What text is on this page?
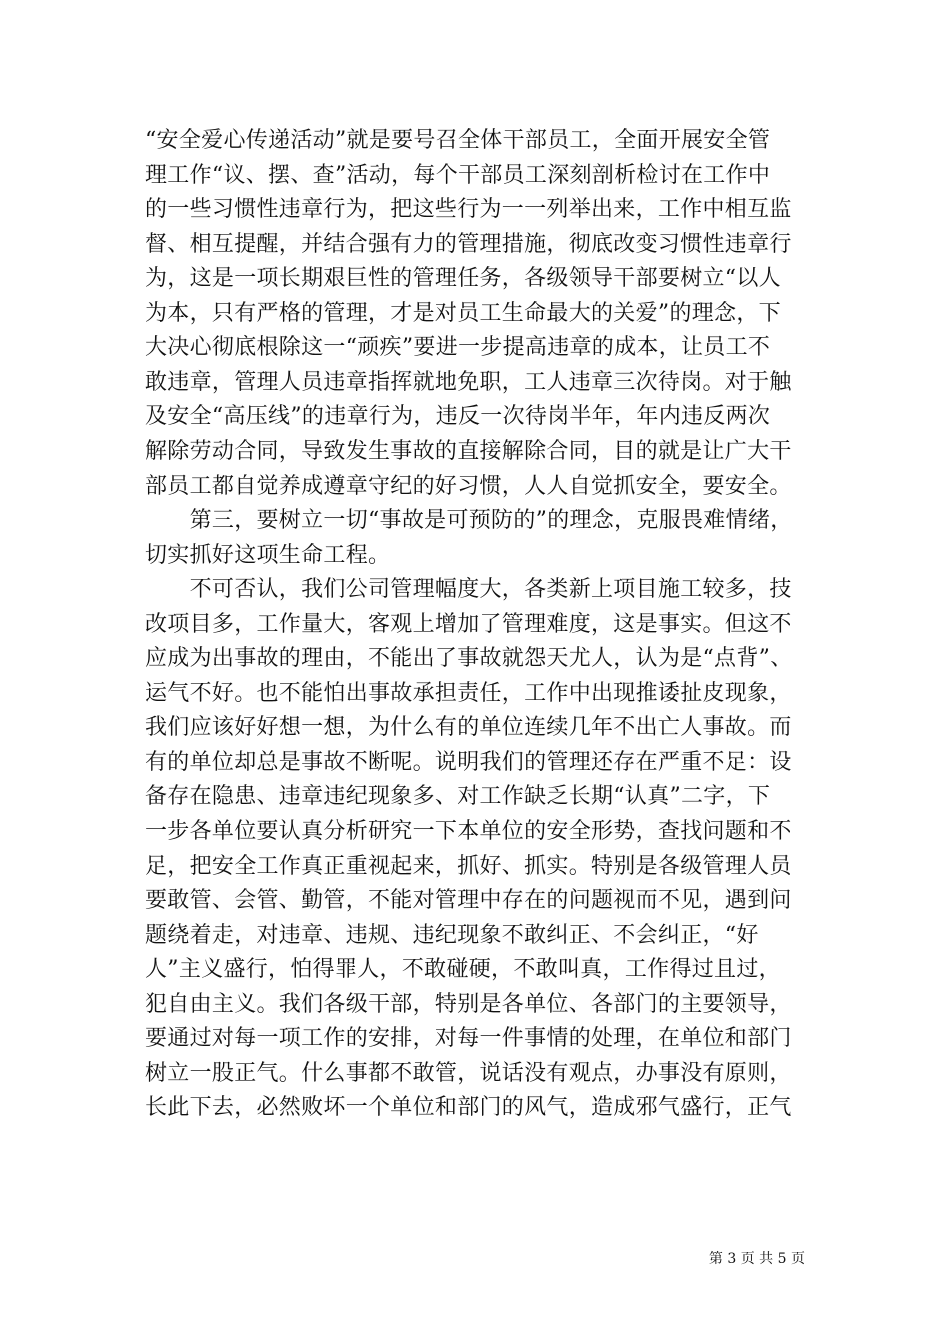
“安全爱心传递活动”就是要号召全体干部员工，全面开展安全管
理工作“议、摆、查”活动，每个干部员工深刻剖析检讨在工作中
的一些习惯性违章行为，把这些行为一一列举出来，工作中相互监
督、相互提醒，并结合强有力的管理措施，彻底改变习惯性违章行
为，这是一项长期艰巨性的管理任务，各级领导干部要树立“以人
为本，只有严格的管理，才是对员工生命最大的关爱”的理念，下
大决心彻底根除这一“顽疾”要进一步提高违章的成本，让员工不
敢违章，管理人员违章指挥就地免职，工人违章三次待岗。对于触
及安全“高压线”的违章行为，违反一次待岗半年，年内违反两次
解除劳动合同，导致发生事故的直接解除合同，目的就是让广大干
部员工都自觉养成遵章守纪的好习惯，人人自觉抓安全，要安全。
　　第三，要树立一切“事故是可预防的”的理念，克服畏难情绪，
切实抓好这项生命工程。
　　不可否认，我们公司管理幅度大，各类新上项目施工较多，技
改项目多，工作量大，客观上增加了管理难度，这是事实。但这不
应成为出事故的理由，不能出了事故就怨天尤人，认为是“点背”、
运气不好。也不能怕出事故承担责任，工作中出现推诿扯皮现象，
我们应该好好想一想，为什么有的单位连续几年不出亡人事故。而
有的单位却总是事故不断呢。说明我们的管理还存在严重不足：设
备存在隐患、违章违纪现象多、对工作缺乏长期“认真”二字，下
一步各单位要认真分析研究一下本单位的安全形势，查找问题和不
足，把安全工作真正重视起来，抓好、抓实。特别是各级管理人员
要敢管、会管、勤管，不能对管理中存在的问题视而不见，遇到问
题绕着走，对违章、违规、违纪现象不敢纠正、不会纠正，“好
人”主义盛行，怕得罪人，不敢碰硬，不敢叫真，工作得过且过，
犯自由主义。我们各级干部，特别是各单位、各部门的主要领导，
要通过对每一项工作的安排，对每一件事情的处理，在单位和部门
树立一股正气。什么事都不敢管，说话没有观点，办事没有原则，
长此下去，必然败坏一个单位和部门的风气，造成邪气盛行，正气
第 3 页 共 5 页
